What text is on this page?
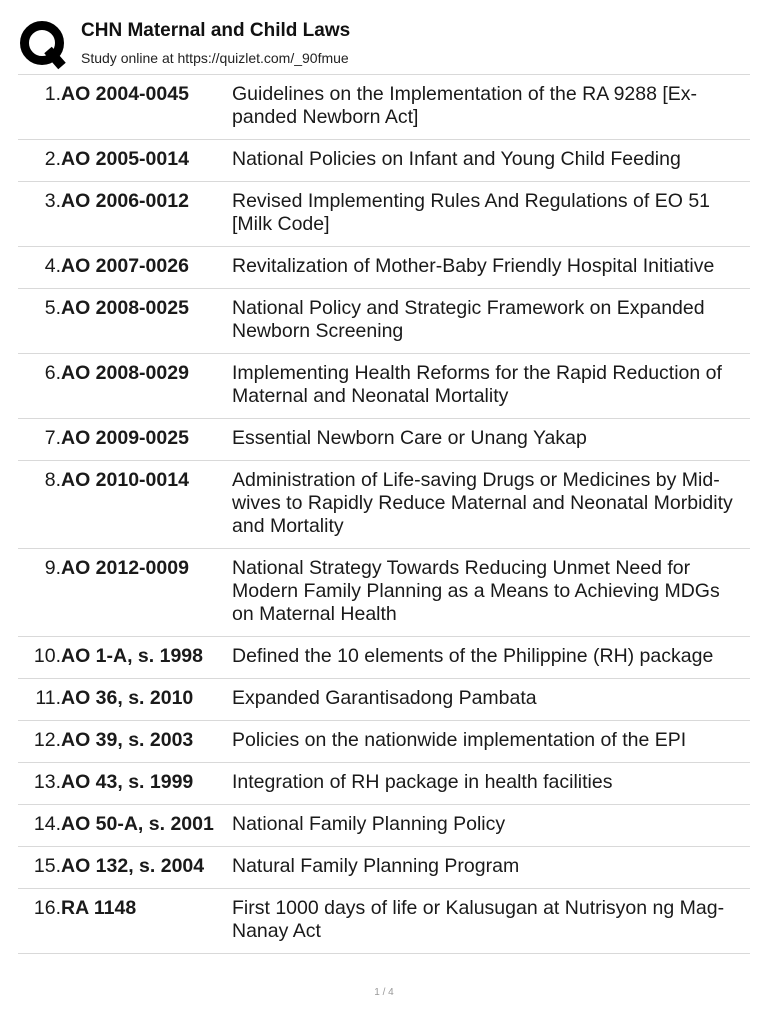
CHN Maternal and Child Laws
Study online at https://quizlet.com/_90fmue
1. AO 2004-0045	Guidelines on the Implementation of the RA 9288 [Ex-panded Newborn Act]
2. AO 2005-0014	National Policies on Infant and Young Child Feeding
3. AO 2006-0012	Revised Implementing Rules And Regulations of EO 51 [Milk Code]
4. AO 2007-0026	Revitalization of Mother-Baby Friendly Hospital Initiative
5. AO 2008-0025	National Policy and Strategic Framework on Expanded Newborn Screening
6. AO 2008-0029	Implementing Health Reforms for the Rapid Reduction of Maternal and Neonatal Mortality
7. AO 2009-0025	Essential Newborn Care or Unang Yakap
8. AO 2010-0014	Administration of Life-saving Drugs or Medicines by Mid-wives to Rapidly Reduce Maternal and Neonatal Morbidity and Mortality
9. AO 2012-0009	National Strategy Towards Reducing Unmet Need for Modern Family Planning as a Means to Achieving MDGs on Maternal Health
10. AO 1-A, s. 1998	Defined the 10 elements of the Philippine (RH) package
11. AO 36, s. 2010	Expanded Garantisadong Pambata
12. AO 39, s. 2003	Policies on the nationwide implementation of the EPI
13. AO 43, s. 1999	Integration of RH package in health facilities
14. AO 50-A, s. 2001 National Family Planning Policy
15. AO 132, s. 2004	Natural Family Planning Program
16. RA 1148	First 1000 days of life or Kalusugan at Nutrisyon ng Mag-Nanay Act
1 / 4
